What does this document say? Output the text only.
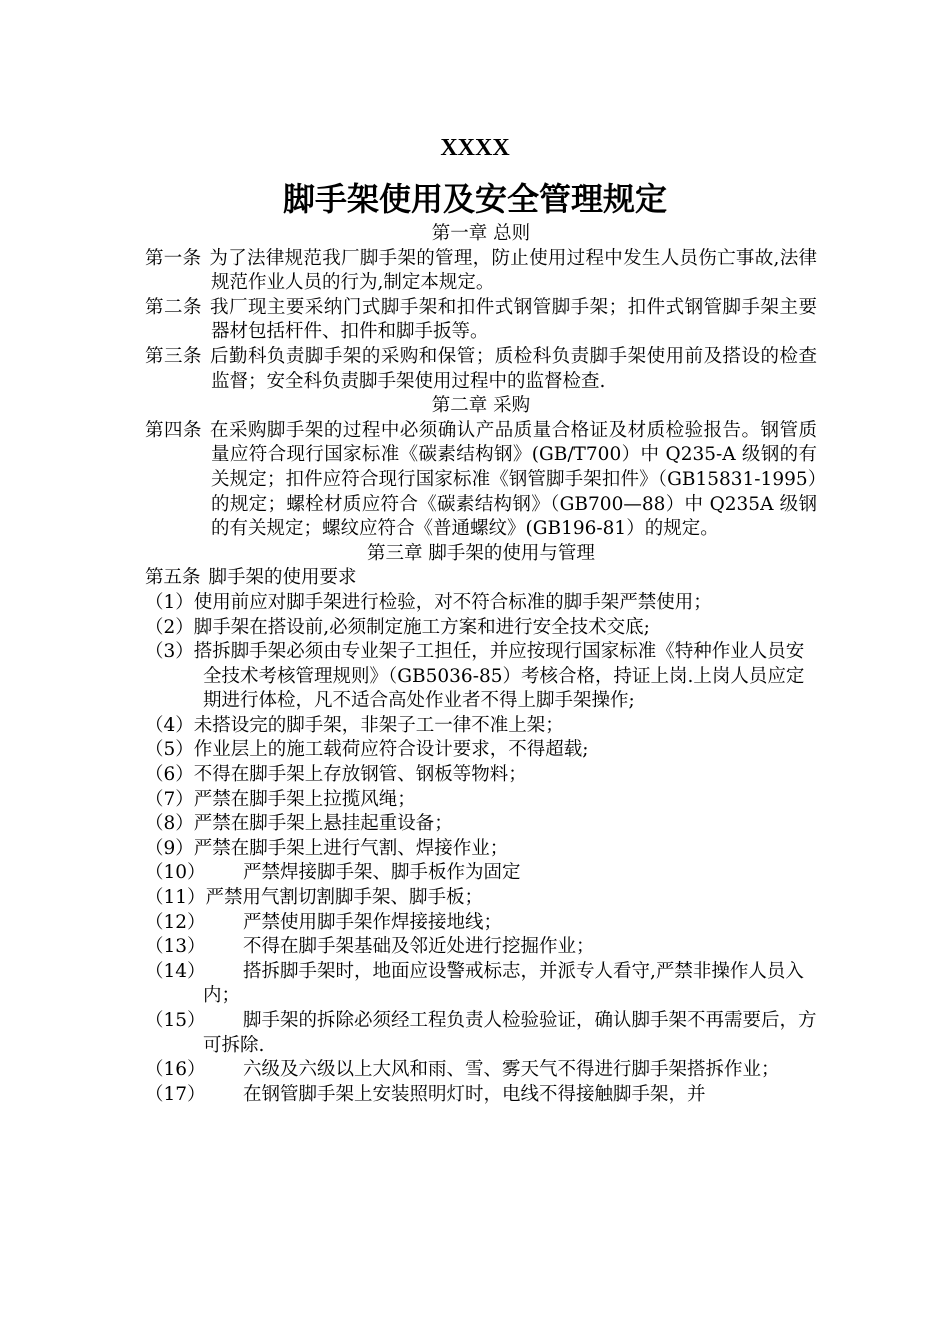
XXXX
脚手架使用及安全管理规定

第一章 总则

第一条 为了法律规范我厂脚手架的管理，防止使用过程中发生人员伤亡事故,法律规范作业人员的行为,制定本规定。

第二条 我厂现主要采纳门式脚手架和扣件式钢管脚手架；扣件式钢管脚手架主要器材包括杆件、扣件和脚手扳等。

第三条 后勤科负责脚手架的采购和保管；质检科负责脚手架使用前及搭设的检查监督；安全科负责脚手架使用过程中的监督检查.

第二章 采购

第四条 在采购脚手架的过程中必须确认产品质量合格证及材质检验报告。钢管质量应符合现行国家标准《碳素结构钢》(GB/T700）中 Q235-A 级钢的有关规定；扣件应符合现行国家标准《钢管脚手架扣件》（GB15831-1995）的规定；螺栓材质应符合《碳素结构钢》（GB700—88）中 Q235A 级钢的有关规定；螺纹应符合《普通螺纹》(GB196-81）的规定。

第三章 脚手架的使用与管理

第五条 脚手架的使用要求

（1）使用前应对脚手架进行检验，对不符合标准的脚手架严禁使用；

（2）脚手架在搭设前,必须制定施工方案和进行安全技术交底;

（3）搭拆脚手架必须由专业架子工担任，并应按现行国家标准《特种作业人员安全技术考核管理规则》（GB5036-85）考核合格，持证上岗.上岗人员应定期进行体检，凡不适合高处作业者不得上脚手架操作;

（4）未搭设完的脚手架，非架子工一律不准上架；

（5）作业层上的施工载荷应符合设计要求，不得超载;

（6）不得在脚手架上存放钢管、钢板等物料；

（7）严禁在脚手架上拉揽风绳；

（8）严禁在脚手架上悬挂起重设备；

（9）严禁在脚手架上进行气割、焊接作业；

（10） 严禁焊接脚手架、脚手板作为固定

（11）严禁用气割切割脚手架、脚手板；

（12） 严禁使用脚手架作焊接接地线；

（13） 不得在脚手架基础及邻近处进行挖掘作业；

（14） 搭拆脚手架时，地面应设警戒标志，并派专人看守,严禁非操作人员入内；

（15） 脚手架的拆除必须经工程负责人检验验证，确认脚手架不再需要后，方可拆除.

（16） 六级及六级以上大风和雨、雪、雾天气不得进行脚手架搭拆作业；

（17） 在钢管脚手架上安装照明灯时，电线不得接触脚手架，并
